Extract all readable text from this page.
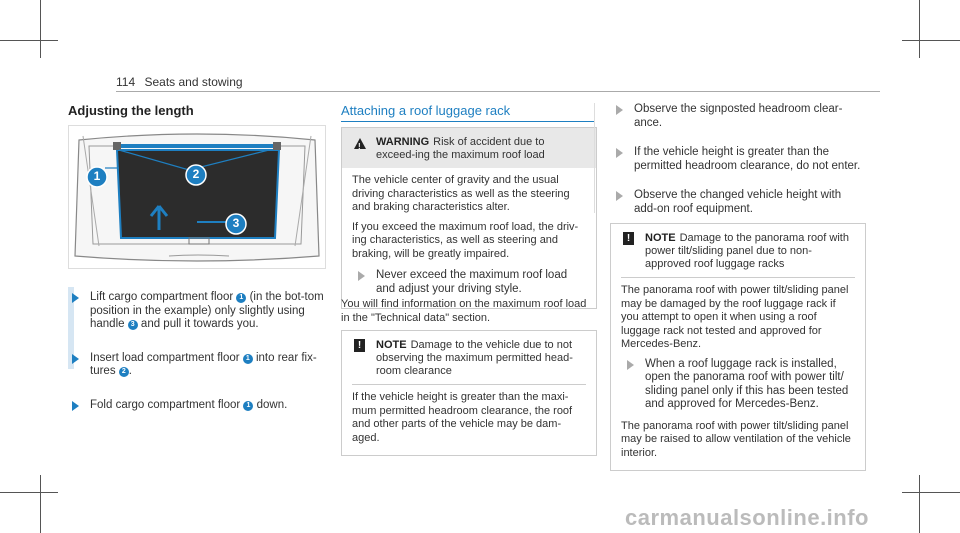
114 Seats and stowing
Adjusting the length
1	2
3
Lift cargo compartment floor 1 (in the bot-tom position in the example) only slightly using handle 3 and pull it towards you.
Insert load compartment floor 1 into rear fix-tures 2 .
Fold cargo compartment floor 1 down.
Attaching a roof luggage rack
!
WARNING Risk of accident due to exceed-ing the maximum roof load

The vehicle center of gravity and the usual driving characteristics as well as the steering and braking characteristics alter.

If you exceed the maximum roof load, the driv-ing characteristics, as well as steering and braking, will be greatly impaired.

Never exceed the maximum roof load and adjust your driving style.
You will find information on the maximum roof load in the "Technical data" section.
!	NOTE Damage to the vehicle due to not observing the maximum permitted head-room clearance

If the vehicle height is greater than the maxi-mum permitted headroom clearance, the roof and other parts of the vehicle may be dam-aged.

Observe the signposted headroom clear-ance.
If the vehicle height is greater than the permitted headroom clearance, do not enter.
Observe the changed vehicle height with add-on roof equipment.
!	NOTE Damage to the panorama roof with power tilt/sliding panel due to non-approved roof luggage racks

The panorama roof with power tilt/sliding panel may be damaged by the roof luggage rack if you attempt to open it when using a roof luggage rack not tested and approved for Mercedes-Benz.

When a roof luggage rack is installed, open the panorama roof with power tilt/ sliding panel only if this has been tested and approved for Mercedes-Benz.

The panorama roof with power tilt/sliding panel may be raised to allow ventilation of the vehicle interior.

carmanualsonline.info
